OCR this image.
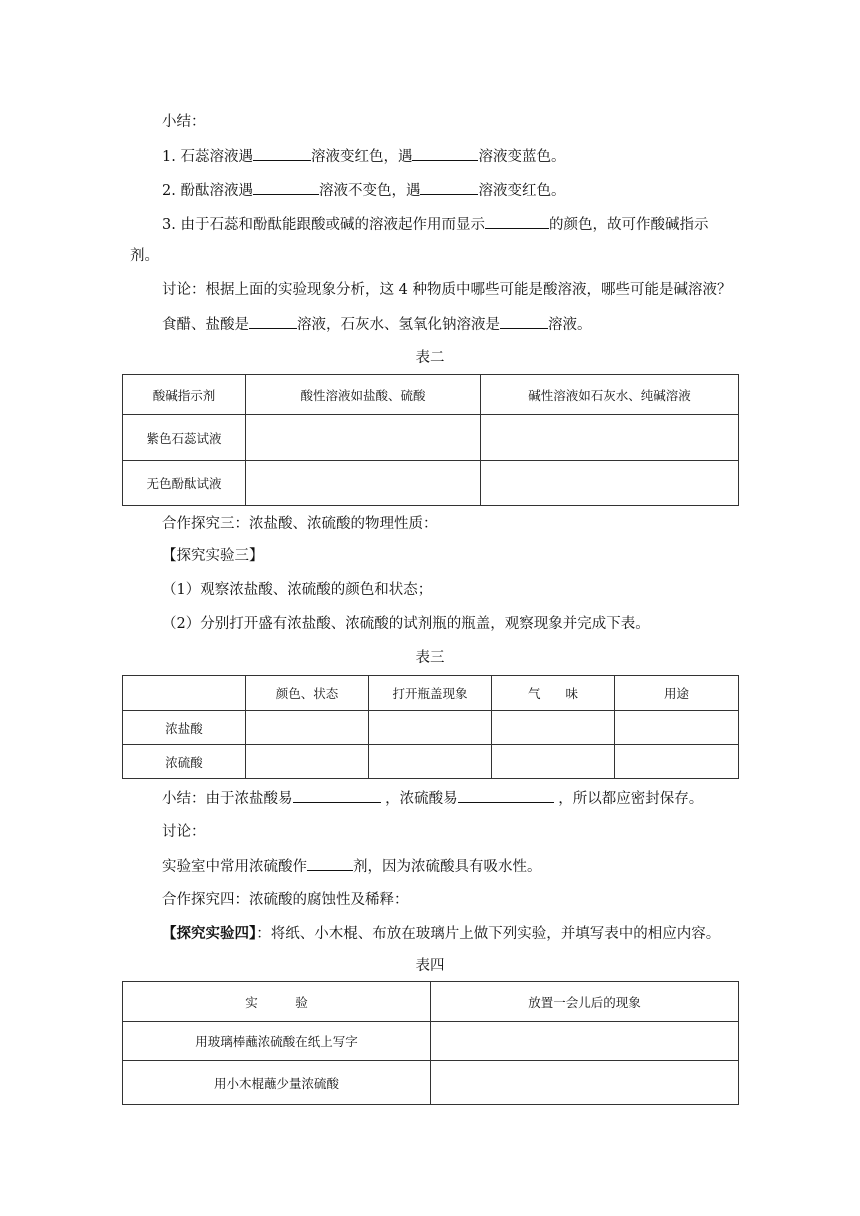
小结：
1. 石蕊溶液遇	溶液变红色，遇	溶液变蓝色。
2. 酚酞溶液遇	溶液不变色，遇	溶液变红色。
3. 由于石蕊和酚酞能跟酸或碱的溶液起作用而显示	的颜色，故可作酸碱指示
剂。
讨论：根据上面的实验现象分析，这 4 种物质中哪些可能是酸溶液，哪些可能是碱溶液？
食醋、盐酸是	溶液，石灰水、氢氧化钠溶液是	溶液。
表二
酸碱指示剂	酸性溶液如盐酸、硫酸	碱性溶液如石灰水、纯碱溶液
紫色石蕊试液		
无色酚酞试液		
合作探究三：浓盐酸、浓硫酸的物理性质：
【探究实验三】
（1）观察浓盐酸、浓硫酸的颜色和状态；
（2）分别打开盛有浓盐酸、浓硫酸的试剂瓶的瓶盖，观察现象并完成下表。
表三
	颜色、状态	打开瓶盖现象	气　　味	用途
浓盐酸				
浓硫酸				
小结：由于浓盐酸易	，浓硫酸易	，所以都应密封保存。
讨论：
实验室中常用浓硫酸作	剂，因为浓硫酸具有吸水性。
合作探究四：浓硫酸的腐蚀性及稀释：
【探究实验四】：将纸、小木棍、布放在玻璃片上做下列实验，并填写表中的相应内容。
表四
实　　　验	放置一会儿后的现象
用玻璃棒蘸浓硫酸在纸上写字	
用小木棍蘸少量浓硫酸	
